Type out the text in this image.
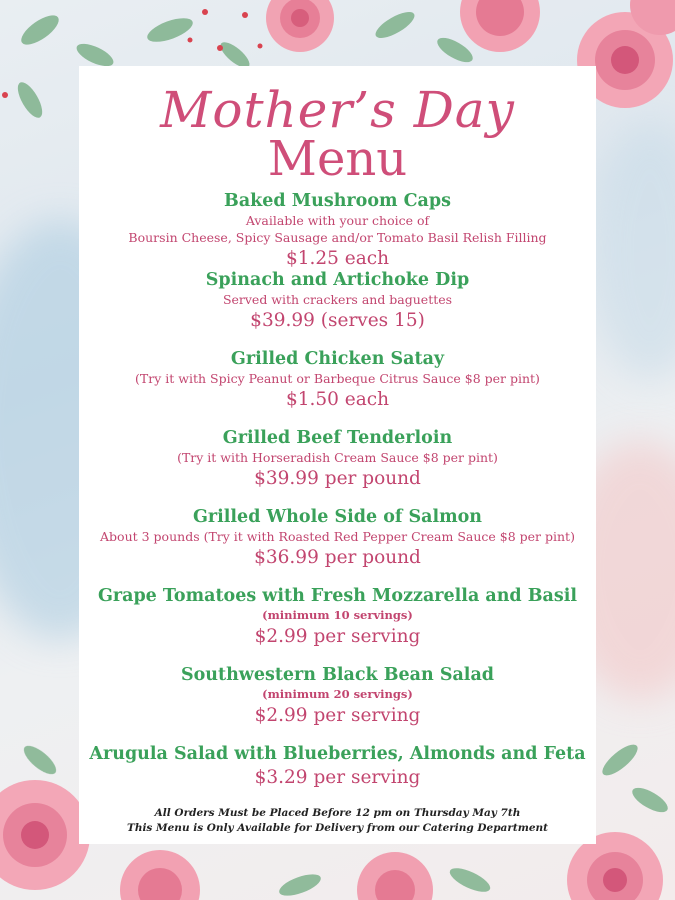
Mother’s Day
Menu
Baked Mushroom Caps
Available with your choice of
Boursin Cheese, Spicy Sausage and/or Tomato Basil Relish Filling
$1.25 each
Spinach and Artichoke Dip
Served with crackers and baguettes
$39.99 (serves 15)
Grilled Chicken Satay
(Try it with Spicy Peanut or Barbeque Citrus Sauce $8 per pint)
$1.50 each
Grilled Beef Tenderloin
(Try it with Horseradish Cream Sauce $8 per pint)
$39.99 per pound
Grilled Whole Side of Salmon
About 3 pounds (Try it with Roasted Red Pepper Cream Sauce $8 per pint)
$36.99 per pound
Grape Tomatoes with Fresh Mozzarella and Basil
(minimum 10 servings)
$2.99 per serving
Southwestern Black Bean Salad
(minimum 20 servings)
$2.99 per serving
Arugula Salad with Blueberries, Almonds and Feta
$3.29 per serving
All Orders Must be Placed Before 12 pm on Thursday May 7th
This Menu is Only Available for Delivery from our Catering Department
